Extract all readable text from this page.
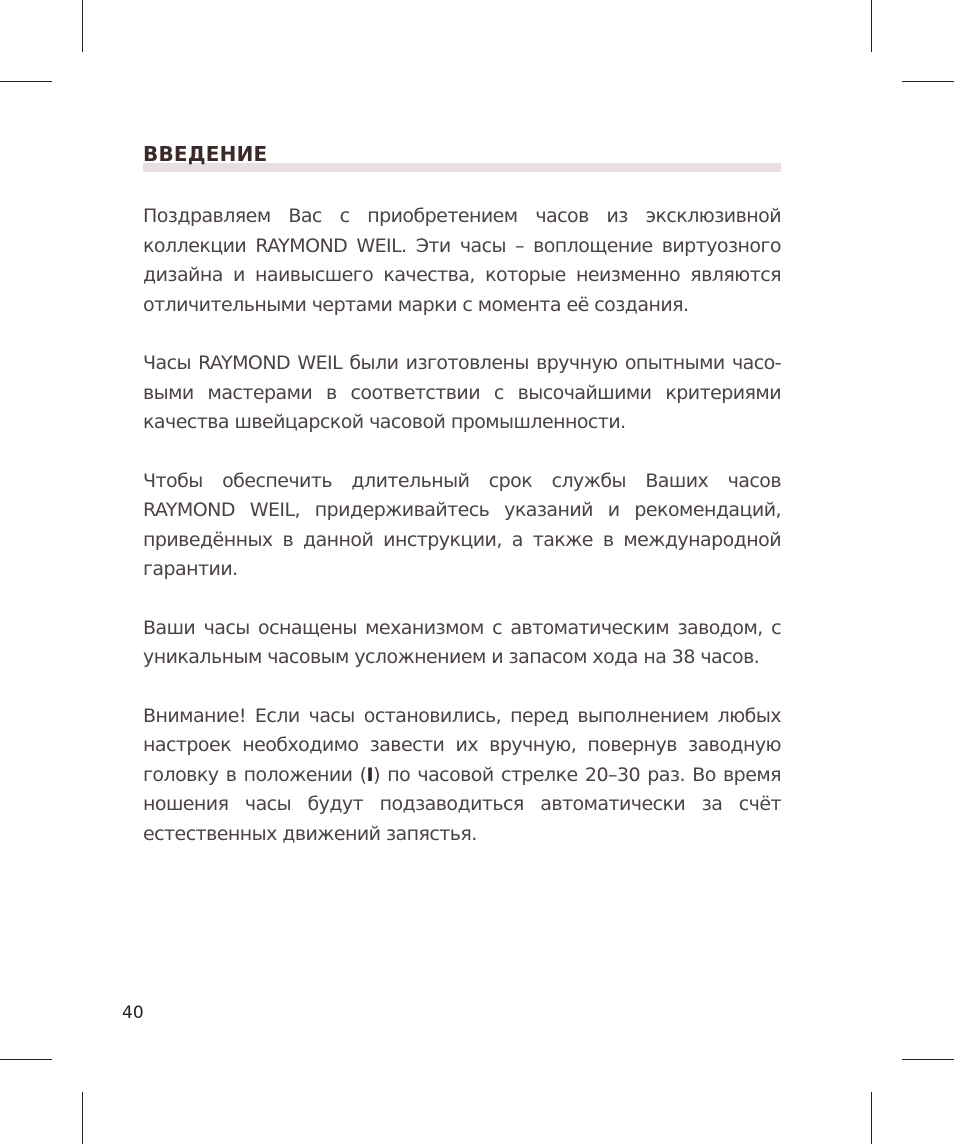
ВВЕДЕНИЕ

Поздравляем Вас с приобретением часов из эксклюзивной коллекции RAYMOND WEIL. Эти часы – воплощение виртуозного дизайна и наивысшего качества, которые неизменно являются отличительными чертами марки с момента её создания.

Часы RAYMOND WEIL были изготовлены вручную опытными часо-выми мастерами в соответствии с высочайшими критериями качества швейцарской часовой промышленности.

Чтобы обеспечить длительный срок службы Ваших часов RAYMOND WEIL, придерживайтесь указаний и рекомендаций, приведённых в данной инструкции, а также в международной гарантии.

Ваши часы оснащены механизмом с автоматическим заводом, с уникальным часовым усложнением и запасом хода на 38 часов.

Внимание! Если часы остановились, перед выполнением любых настроек необходимо завести их вручную, повернув заводную головку в положении (I) по часовой стрелке 20–30 раз. Во время ношения часы будут подзаводиться автоматически за счёт естественных движений запястья.

40
